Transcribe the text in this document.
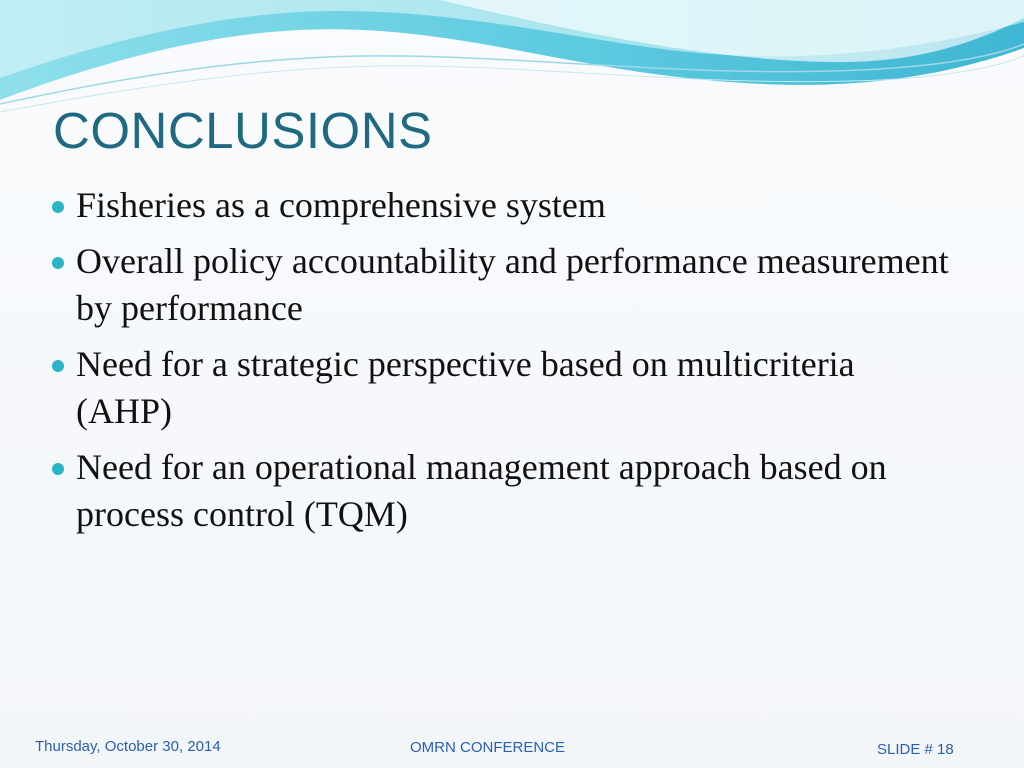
CONCLUSIONS
Fisheries as a comprehensive system
Overall policy accountability and performance measurement by performance
Need for a strategic perspective based on multicriteria (AHP)
Need for an operational management approach based on process control (TQM)
Thursday, October 30, 2014	OMRN CONFERENCE	SLIDE # 18
